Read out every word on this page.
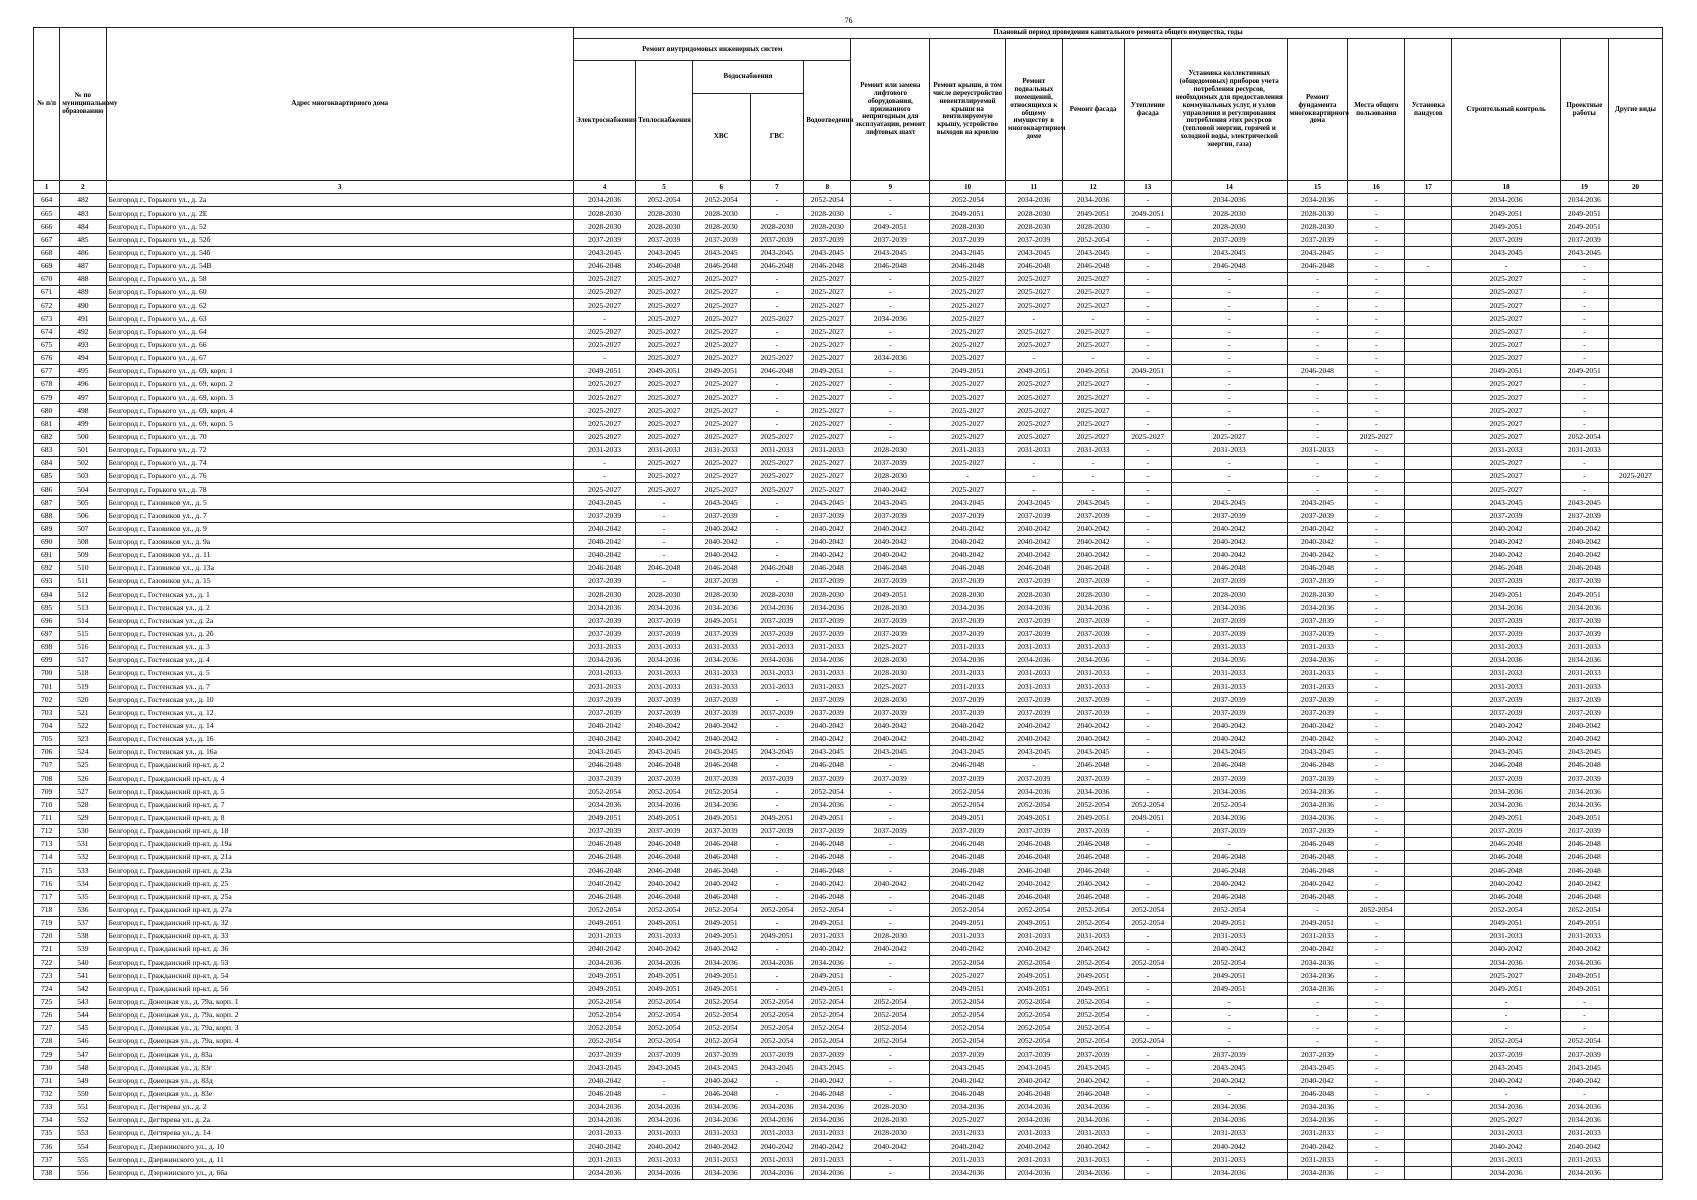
76
№ п/п	№ по муниципальному образованию	Адрес многоквартирного дома	Плановый период проведения капитального ремонта общего имущества, годы																
			Ремонт внутридомовых инженерных систем					Ремонт или замена лифтового оборудования, признанного непригодным для эксплуатации, ремонт лифтовых шахт	Ремонт крыши, в том числе переустройство невентилируемой крыши на вентилируемую крышу, устройство выходов на кровлю	Ремонт подвальных помещений, относящихся к общему имуществу в многоквартирном доме	Ремонт фасада	Утепление фасада	Установка коллективных (общедомовых) приборов учета потребления ресурсов, необходимых для предоставления коммунальных услуг, и узлов управления и регулирования потребления этих ресурсов (тепловой энергии, горячей и холодной воды, электрической энергии, газа)	Ремонт фундамента многоквартирного дома	Места общего пользования	Установка пандусов	Строительный контроль	Проектные работы	Другие виды
			Электроснабжения	Теплоснабжения	Водоснабжения		Водоотведения												
					ХВС	ГВС													
1	2	3	4	5	6	7	8	9	10	11	12	13	14	15	16	17	18	19	20
664	482	Белгород г., Горького ул., д. 2а	2034-2036	2052-2054	2052-2054	-	2052-2054	-	2052-2054	2034-2036	2034-2036	-	2034-2036	2034-2036	-		2034-2036	2034-2036	
665	483	Белгород г., Горького ул., д. 2Е	2028-2030	2028-2030	2028-2030	-	2028-2030	-	2049-2051	2028-2030	2049-2051	2049-2051	2028-2030	2028-2030	-		2049-2051	2049-2051	
666	484	Белгород г., Горького ул., д. 52	2028-2030	2028-2030	2028-2030	2028-2030	2028-2030	2049-2051	2028-2030	2028-2030	2028-2030	-	2028-2030	2028-2030	-		2049-2051	2049-2051	
667	485	Белгород г., Горького ул., д. 52б	2037-2039	2037-2039	2037-2039	2037-2039	2037-2039	2037-2039	2037-2039	2037-2039	2052-2054	-	2037-2039	2037-2039	-		2037-2039	2037-2039	
668	486	Белгород г., Горького ул., д. 54б	2043-2045	2043-2045	2043-2045	2043-2045	2043-2045	2043-2045	2043-2045	2043-2045	2043-2045	-	2043-2045	2043-2045	-		2043-2045	2043-2045	
669	487	Белгород г., Горького ул., д. 54В	2046-2048	2046-2048	2046-2048	2046-2048	2046-2048	2046-2048	2046-2048	2046-2048	2046-2048	-	2046-2048	2046-2048	-	-	-	-	
670	488	Белгород г., Горького ул., д. 58	2025-2027	2025-2027	2025-2027	-	2025-2027	-	2025-2027	2025-2027	2025-2027	-	-	-	-		2025-2027	-	
671	489	Белгород г., Горького ул., д. 60	2025-2027	2025-2027	2025-2027	-	2025-2027	-	2025-2027	2025-2027	2025-2027	-	-	-	-		2025-2027	-	
672	490	Белгород г., Горького ул., д. 62	2025-2027	2025-2027	2025-2027	-	2025-2027	-	2025-2027	2025-2027	2025-2027	-	-	-	-		2025-2027	-	
673	491	Белгород г., Горького ул., д. 63	-	2025-2027	2025-2027	2025-2027	2025-2027	2034-2036	2025-2027	-	-	-	-	-	-		2025-2027	-	
674	492	Белгород г., Горького ул., д. 64	2025-2027	2025-2027	2025-2027	-	2025-2027	-	2025-2027	2025-2027	2025-2027	-	-	-	-		2025-2027	-	
675	493	Белгород г., Горького ул., д. 66	2025-2027	2025-2027	2025-2027	-	2025-2027	-	2025-2027	2025-2027	2025-2027	-	-	-	-		2025-2027	-	
676	494	Белгород г., Горького ул., д. 67	-	2025-2027	2025-2027	2025-2027	2025-2027	2034-2036	2025-2027	-	-	-	-	-	-		2025-2027	-	
677	495	Белгород г., Горького ул., д. 69, корп. 1	2049-2051	2049-2051	2049-2051	2046-2048	2049-2051	-	2049-2051	2049-2051	2049-2051	2049-2051	-	2046-2048	-		2049-2051	2049-2051	
678	496	Белгород г., Горького ул., д. 69, корп. 2	2025-2027	2025-2027	2025-2027	-	2025-2027	-	2025-2027	2025-2027	2025-2027	-	-	-	-		2025-2027	-	
679	497	Белгород г., Горького ул., д. 69, корп. 3	2025-2027	2025-2027	2025-2027	-	2025-2027	-	2025-2027	2025-2027	2025-2027	-	-	-	-		2025-2027	-	
680	498	Белгород г., Горького ул., д. 69, корп. 4	2025-2027	2025-2027	2025-2027	-	2025-2027	-	2025-2027	2025-2027	2025-2027	-	-	-	-		2025-2027	-	
681	499	Белгород г., Горького ул., д. 69, корп. 5	2025-2027	2025-2027	2025-2027	-	2025-2027	-	2025-2027	2025-2027	2025-2027	-	-	-	-		2025-2027	-	
682	500	Белгород г., Горького ул., д. 70	2025-2027	2025-2027	2025-2027	2025-2027	2025-2027	-	2025-2027	2025-2027	2025-2027	2025-2027	2025-2027	-	2025-2027		2025-2027	2052-2054	
683	501	Белгород г., Горького ул., д. 72	2031-2033	2031-2033	2031-2033	2031-2033	2031-2033	2028-2030	2031-2033	2031-2033	2031-2033	-	2031-2033	2031-2033	-		2031-2033	2031-2033	
684	502	Белгород г., Горького ул., д. 74	-	2025-2027	2025-2027	2025-2027	2025-2027	2037-2039	2025-2027	-	-	-	-	-	-		2025-2027	-	
685	503	Белгород г., Горького ул., д. 76	-	2025-2027	2025-2027	2025-2027	2025-2027	2028-2030	-	-	-	-	-	-	-		2025-2027	-	2025-2027
686	504	Белгород г., Горького ул., д. 78	2025-2027	2025-2027	2025-2027	2025-2027	2025-2027	2040-2042	2025-2027	-	-	-	-	-	-		2025-2027	-	
687	505	Белгород г., Газовиков ул., д. 5	2043-2045	-	2043-2045	-	2043-2045	2043-2045	2043-2045	2043-2045	2043-2045	-	2043-2045	2043-2045	-		2043-2045	2043-2045	
688	506	Белгород г., Газовиков ул., д. 7	2037-2039	-	2037-2039	-	2037-2039	2037-2039	2037-2039	2037-2039	2037-2039	-	2037-2039	2037-2039	-		2037-2039	2037-2039	
689	507	Белгород г., Газовиков ул., д. 9	2040-2042	-	2040-2042	-	2040-2042	2040-2042	2040-2042	2040-2042	2040-2042	-	2040-2042	2040-2042	-		2040-2042	2040-2042	
690	508	Белгород г., Газовиков ул., д. 9а	2040-2042	-	2040-2042	-	2040-2042	2040-2042	2040-2042	2040-2042	2040-2042	-	2040-2042	2040-2042	-		2040-2042	2040-2042	
691	509	Белгород г., Газовиков ул., д. 11	2040-2042	-	2040-2042	-	2040-2042	2040-2042	2040-2042	2040-2042	2040-2042	-	2040-2042	2040-2042	-		2040-2042	2040-2042	
692	510	Белгород г., Газовиков ул., д. 13а	2046-2048	2046-2048	2046-2048	2046-2048	2046-2048	2046-2048	2046-2048	2046-2048	2046-2048	-	2046-2048	2046-2048	-		2046-2048	2046-2048	
693	511	Белгород г., Газовиков ул., д. 15	2037-2039	-	2037-2039	-	2037-2039	2037-2039	2037-2039	2037-2039	2037-2039	-	2037-2039	2037-2039	-		2037-2039	2037-2039	
694	512	Белгород г., Гостенская ул., д. 1	2028-2030	2028-2030	2028-2030	2028-2030	2028-2030	2049-2051	2028-2030	2028-2030	2028-2030	-	2028-2030	2028-2030	-		2049-2051	2049-2051	
695	513	Белгород г., Гостенская ул., д. 2	2034-2036	2034-2036	2034-2036	2034-2036	2034-2036	2028-2030	2034-2036	2034-2036	2034-2036	-	2034-2036	2034-2036	-		2034-2036	2034-2036	
696	514	Белгород г., Гостенская ул., д. 2а	2037-2039	2037-2039	2049-2051	2037-2039	2037-2039	2037-2039	2037-2039	2037-2039	2037-2039	-	2037-2039	2037-2039	-		2037-2039	2037-2039	
697	515	Белгород г., Гостенская ул., д. 2б	2037-2039	2037-2039	2037-2039	2037-2039	2037-2039	2037-2039	2037-2039	2037-2039	2037-2039	-	2037-2039	2037-2039	-		2037-2039	2037-2039	
698	516	Белгород г., Гостенская ул., д. 3	2031-2033	2031-2033	2031-2033	2031-2033	2031-2033	2025-2027	2031-2033	2031-2033	2031-2033	-	2031-2033	2031-2033	-		2031-2033	2031-2033	
699	517	Белгород г., Гостенская ул., д. 4	2034-2036	2034-2036	2034-2036	2034-2036	2034-2036	2028-2030	2034-2036	2034-2036	2034-2036	-	2034-2036	2034-2036	-		2034-2036	2034-2036	
700	518	Белгород г., Гостенская ул., д. 5	2031-2033	2031-2033	2031-2033	2031-2033	2031-2033	2028-2030	2031-2033	2031-2033	2031-2033	-	2031-2033	2031-2033	-		2031-2033	2031-2033	
701	519	Белгород г., Гостенская ул., д. 7	2031-2033	2031-2033	2031-2033	2031-2033	2031-2033	2025-2027	2031-2033	2031-2033	2031-2033	-	2031-2033	2031-2033	-		2031-2033	2031-2033	
702	520	Белгород г., Гостенская ул., д. 10	2037-2039	2037-2039	2037-2039	-	2037-2039	2028-2030	2037-2039	2037-2039	2037-2039	-	2037-2039	2037-2039	-		2037-2039	2037-2039	
703	521	Белгород г., Гостенская ул., д. 12	2037-2039	2037-2039	2037-2039	2037-2039	2037-2039	2037-2039	2037-2039	2037-2039	2037-2039	-	2037-2039	2037-2039	-		2037-2039	2037-2039	
704	522	Белгород г., Гостенская ул., д. 14	2040-2042	2040-2042	2040-2042	-	2040-2042	2040-2042	2040-2042	2040-2042	2040-2042	-	2040-2042	2040-2042	-		2040-2042	2040-2042	
705	523	Белгород г., Гостенская ул., д. 16	2040-2042	2040-2042	2040-2042	-	2040-2042	2040-2042	2040-2042	2040-2042	2040-2042	-	2040-2042	2040-2042	-		2040-2042	2040-2042	
706	524	Белгород г., Гостенская ул., д. 16а	2043-2045	2043-2045	2043-2045	2043-2045	2043-2045	2043-2045	2043-2045	2043-2045	2043-2045	-	2043-2045	2043-2045	-		2043-2045	2043-2045	
707	525	Белгород г., Гражданский пр-кт, д. 2	2046-2048	2046-2048	2046-2048	-	2046-2048	-	2046-2048	-	2046-2048	-	2046-2048	2046-2048	-		2046-2048	2046-2048	
708	526	Белгород г., Гражданский пр-кт, д. 4	2037-2039	2037-2039	2037-2039	2037-2039	2037-2039	2037-2039	2037-2039	2037-2039	2037-2039	-	2037-2039	2037-2039	-		2037-2039	2037-2039	
709	527	Белгород г., Гражданский пр-кт, д. 5	2052-2054	2052-2054	2052-2054	-	2052-2054	-	2052-2054	2034-2036	2034-2036	-	2034-2036	2034-2036	-		2034-2036	2034-2036	
710	528	Белгород г., Гражданский пр-кт, д. 7	2034-2036	2034-2036	2034-2036	-	2034-2036	-	2052-2054	2052-2054	2052-2054	2052-2054	2052-2054	2034-2036	-		2034-2036	2034-2036	
711	529	Белгород г., Гражданский пр-кт, д. 8	2049-2051	2049-2051	2049-2051	2049-2051	2049-2051	-	2049-2051	2049-2051	2049-2051	2049-2051	2034-2036	2034-2036	-		2049-2051	2049-2051	
712	530	Белгород г., Гражданский пр-кт, д. 18	2037-2039	2037-2039	2037-2039	2037-2039	2037-2039	2037-2039	2037-2039	2037-2039	2037-2039	-	2037-2039	2037-2039	-		2037-2039	2037-2039	
713	531	Белгород г., Гражданский пр-кт, д. 19а	2046-2048	2046-2048	2046-2048	-	2046-2048	-	2046-2048	2046-2048	2046-2048	-	-	2046-2048	-		2046-2048	2046-2048	
714	532	Белгород г., Гражданский пр-кт, д. 21а	2046-2048	2046-2048	2046-2048	-	2046-2048	-	2046-2048	2046-2048	2046-2048	-	2046-2048	2046-2048	-		2046-2048	2046-2048	
715	533	Белгород г., Гражданский пр-кт, д. 23а	2046-2048	2046-2048	2046-2048	-	2046-2048	-	2046-2048	2046-2048	2046-2048	-	2046-2048	2046-2048	-		2046-2048	2046-2048	
716	534	Белгород г., Гражданский пр-кт, д. 25	2040-2042	2040-2042	2040-2042	-	2040-2042	2040-2042	2040-2042	2040-2042	2040-2042	-	2040-2042	2040-2042	-		2040-2042	2040-2042	
717	535	Белгород г., Гражданский пр-кт, д. 25а	2046-2048	2046-2048	2046-2048	-	2046-2048	-	2046-2048	2046-2048	2046-2048	-	2046-2048	2046-2048	-		2046-2048	2046-2048	
718	536	Белгород г., Гражданский пр-кт, д. 27а	2052-2054	2052-2054	2052-2054	2052-2054	2052-2054	-	2052-2054	2052-2054	2052-2054	2052-2054	2052-2054	-	2052-2054		2052-2054	2052-2054	
719	537	Белгород г., Гражданский пр-кт, д. 32	2049-2051	2049-2051	2049-2051	-	2049-2051	-	2049-2051	2049-2051	2052-2054	2052-2054	2049-2051	2049-2051	-		2049-2051	2049-2051	
720	538	Белгород г., Гражданский пр-кт, д. 33	2031-2033	2031-2033	2049-2051	2049-2051	2031-2033	2028-2030	2031-2033	2031-2033	2031-2033	-	2031-2033	2031-2033	-		2031-2033	2031-2033	
721	539	Белгород г., Гражданский пр-кт, д. 36	2040-2042	2040-2042	2040-2042	-	2040-2042	2040-2042	2040-2042	2040-2042	2040-2042	-	2040-2042	2040-2042	-		2040-2042	2040-2042	
722	540	Белгород г., Гражданский пр-кт, д. 53	2034-2036	2034-2036	2034-2036	2034-2036	2034-2036	-	2052-2054	2052-2054	2052-2054	2052-2054	2052-2054	2034-2036	-		2034-2036	2034-2036	
723	541	Белгород г., Гражданский пр-кт, д. 54	2049-2051	2049-2051	2049-2051	-	2049-2051	-	2025-2027	2049-2051	2049-2051	-	2049-2051	2034-2036	-		2025-2027	2049-2051	
724	542	Белгород г., Гражданский пр-кт, д. 56	2049-2051	2049-2051	2049-2051	-	2049-2051	-	2049-2051	2049-2051	2049-2051	-	2049-2051	2034-2036	-		2049-2051	2049-2051	
725	543	Белгород г., Донецкая ул., д. 79а, корп. 1	2052-2054	2052-2054	2052-2054	2052-2054	2052-2054	2052-2054	2052-2054	2052-2054	2052-2054	-	-	-	-		-	-	
726	544	Белгород г., Донецкая ул., д. 79а, корп. 2	2052-2054	2052-2054	2052-2054	2052-2054	2052-2054	2052-2054	2052-2054	2052-2054	2052-2054	-	-	-	-		-	-	
727	545	Белгород г., Донецкая ул., д. 79а, корп. 3	2052-2054	2052-2054	2052-2054	2052-2054	2052-2054	2052-2054	2052-2054	2052-2054	2052-2054	-	-	-	-		-	-	
728	546	Белгород г., Донецкая ул., д. 79а, корп. 4	2052-2054	2052-2054	2052-2054	2052-2054	2052-2054	2052-2054	2052-2054	2052-2054	2052-2054	2052-2054	-	-	-		2052-2054	2052-2054	
729	547	Белгород г., Донецкая ул., д. 83а	2037-2039	2037-2039	2037-2039	2037-2039	2037-2039	-	2037-2039	2037-2039	2037-2039	-	2037-2039	2037-2039	-		2037-2039	2037-2039	
730	548	Белгород г., Донецкая ул., д. 83г	2043-2045	2043-2045	2043-2045	2043-2045	2043-2045	-	2043-2045	2043-2045	2043-2045	-	2043-2045	2043-2045	-		2043-2045	2043-2045	
731	549	Белгород г., Донецкая ул., д. 83д	2040-2042	-	2040-2042	-	2040-2042	-	2040-2042	2040-2042	2040-2042	-	2040-2042	2040-2042	-		2040-2042	2040-2042	
732	550	Белгород г., Донецкая ул., д. 83е	2046-2048	-	2046-2048	-	2046-2048	-	2046-2048	2046-2048	2046-2048	-	-	2046-2048	-	-	-	-	
733	551	Белгород г., Дегтярева ул., д. 2	2034-2036	2034-2036	2034-2036	2034-2036	2034-2036	2028-2030	2034-2036	2034-2036	2034-2036	-	2034-2036	2034-2036	-		2034-2036	2034-2036	
734	552	Белгород г., Дегтярева ул., д. 2а	2034-2036	2034-2036	2034-2036	2034-2036	2034-2036	2028-2030	2025-2027	2034-2036	2034-2036	-	2034-2036	2034-2036	-		2025-2027	2034-2036	
735	553	Белгород г., Дегтярева ул., д. 14	2031-2033	2031-2033	2031-2033	2031-2033	2031-2033	2028-2030	2031-2033	2031-2033	2031-2033	-	2031-2033	2031-2033	-		2031-2033	2031-2033	
736	554	Белгород г., Дзержинского ул., д. 10	2040-2042	2040-2042	2040-2042	2040-2042	2040-2042	2040-2042	2040-2042	2040-2042	2040-2042	-	2040-2042	2040-2042	-		2040-2042	2040-2042	
737	555	Белгород г., Дзержинского ул., д. 11	2031-2033	2031-2033	2031-2033	2031-2033	2031-2033	-	2031-2033	2031-2033	2031-2033	-	2031-2033	2031-2033	-		2031-2033	2031-2033	
738	556	Белгород г., Дзержинского ул., д. 66а	2034-2036	2034-2036	2034-2036	2034-2036	2034-2036	-	2034-2036	2034-2036	2034-2036	-	2034-2036	2034-2036	-		2034-2036	2034-2036	
